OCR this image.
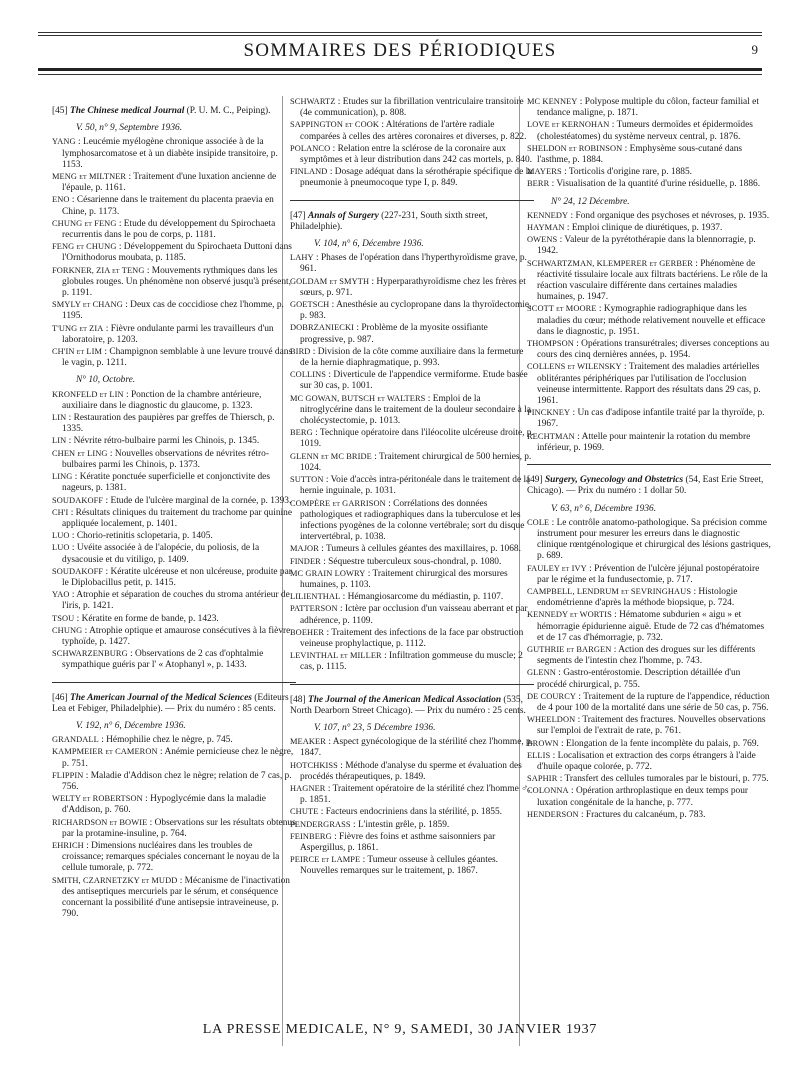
SOMMAIRES DES PÉRIODIQUES	9

[45] The Chinese medical Journal (P. U. M. C., Peiping).

V. 50, n° 9, Septembre 1936.

YANG : Leucémie myélogène chronique associée à de la lymphosarcomatose et à un diabète insipide transitoire, p. 1153.

MENG et MILTNER : Traitement d'une luxation ancienne de l'épaule, p. 1161.

ENO : Césarienne dans le traitement du placenta praevia en Chine, p. 1173.

CHUNG et FENG : Etude du développement du Spirochaeta recurrentis dans le pou de corps, p. 1181.

FENG et CHUNG : Développement du Spirochaeta Duttoni dans l'Ornithodorus moubata, p. 1185.

FORKNER, ZIA et TENG : Mouvements rythmiques dans les globules rouges. Un phénomène non observé jusqu'à présent, p. 1191.

SMYLY et CHANG : Deux cas de coccidiose chez l'homme, p. 1195.

T'UNG et ZIA : Fièvre ondulante parmi les travailleurs d'un laboratoire, p. 1203.

CH'IN et LIM : Champignon semblable à une levure trouvé dans le vagin, p. 1211.

N° 10, Octobre.

KRONFELD et LIN : Ponction de la chambre antérieure, auxiliaire dans le diagnostic du glaucome, p. 1323.

LIN : Restauration des paupières par greffes de Thiersch, p. 1335.

LIN : Névrite rétro-bulbaire parmi les Chinois, p. 1345.

CHEN et LING : Nouvelles observations de névrites rétro-bulbaires parmi les Chinois, p. 1373.

LING : Kératite ponctuée superficielle et conjonctivite des nageurs, p. 1381.

SOUDAKOFF : Etude de l'ulcère marginal de la cornée, p. 1393.

CH'I : Résultats cliniques du traitement du trachome par quinine appliquée localement, p. 1401.

LUO : Chorio-retinitis sclopetaria, p. 1405.

LUO : Uvéite associée à de l'alopécie, du poliosis, de la dysacousie et du vitiligo, p. 1409.

SOUDAKOFF : Kératite ulcéreuse et non ulcéreuse, produite par le Diplobacillus petit, p. 1415.

YAO : Atrophie et séparation de couches du stroma antérieur de l'iris, p. 1421.

TSOU : Kératite en forme de bande, p. 1423.

CHUNG : Atrophie optique et amaurose consécutives à la fièvre typhoïde, p. 1427.

SCHWARZENBURG : Observations de 2 cas d'ophtalmie sympathique guéris par l' « Atophanyl », p. 1433.

[46] The American Journal of the Medical Sciences (Editeurs Lea et Febiger, Philadelphie). — Prix du numéro : 85 cents.

V. 192, n° 6, Décembre 1936.

GRANDALL : Hémophilie chez le nègre, p. 745.

KAMPMEIER et CAMERON : Anémie pernicieuse chez le nègre, p. 751.

FLIPPIN : Maladie d'Addison chez le nègre; relation de 7 cas, p. 756.

WELTY et ROBERTSON : Hypoglycémie dans la maladie d'Addison, p. 760.

RICHARDSON et BOWIE : Observations sur les résultats obtenus par la protamine-insuline, p. 764.

EHRICH : Dimensions nucléaires dans les troubles de croissance; remarques spéciales concernant le noyau de la cellule tumorale, p. 772.

SMITH, CZARNETZKY et MUDD : Mécanisme de l'inactivation des antiseptiques mercuriels par le sérum, et conséquence concernant la possibilité d'une antisepsie intraveineuse, p. 790.

SCHWARTZ : Etudes sur la fibrillation ventriculaire transitoire (4e communication), p. 808.

SAPPINGTON et COOK : Altérations de l'artère radiale comparées à celles des artères coronaires et diverses, p. 822.

POLANCO : Relation entre la sclérose de la coronaire aux symptômes et à leur distribution dans 242 cas mortels, p. 840.

FINLAND : Dosage adéquat dans la sérothérapie spécifique de la pneumonie à pneumocoque type I, p. 849.

[47] Annals of Surgery (227-231, South sixth street, Philadelphie).

V. 104, n° 6, Décembre 1936.

LAHY : Phases de l'opération dans l'hyperthyroïdisme grave, p. 961.

GOLDAM et SMYTH : Hyperparathyroïdisme chez les frères et sœurs, p. 971.

GOETSCH : Anesthésie au cyclopropane dans la thyroïdectomie, p. 983.

DOBRZANIECKI : Problème de la myosite ossifiante progressive, p. 987.

BIRD : Division de la côte comme auxiliaire dans la fermeture de la hernie diaphragmatique, p. 993.

COLLINS : Diverticule de l'appendice vermiforme. Etude basée sur 30 cas, p. 1001.

MC GOWAN, BUTSCH et WALTERS : Emploi de la nitroglycérine dans le traitement de la douleur secondaire à la cholécystectomie, p. 1013.

BERG : Technique opératoire dans l'iléocolite ulcéreuse droite, p. 1019.

GLENN et MC BRIDE : Traitement chirurgical de 500 hernies, p. 1024.

SUTTON : Voie d'accès intra-péritonéale dans le traitement de la hernie inguinale, p. 1031.

COMPÈRE et GARRISON : Corrélations des données pathologiques et radiographiques dans la tuberculose et les infections pyogènes de la colonne vertébrale; sort du disque intervertébral, p. 1038.

MAJOR : Tumeurs à cellules géantes des maxillaires, p. 1068.

FINDER : Séquestre tuberculeux sous-chondral, p. 1080.

MC GRAIN LOWRY : Traitement chirurgical des morsures humaines, p. 1103.

LILIENTHAL : Hémangiosarcome du médiastin, p. 1107.

PATTERSON : Ictère par occlusion d'un vaisseau aberrant et par adhérence, p. 1109.

BOEHER : Traitement des infections de la face par obstruction veineuse prophylactique, p. 1112.

LEVINTHAL et MILLER : Infiltration gommeuse du muscle; 2 cas, p. 1115.

[48] The Journal of the American Medical Association (535, North Dearborn Street Chicago). — Prix du numéro : 25 cents.

V. 107, n° 23, 5 Décembre 1936.

MEAKER : Aspect gynécologique de la stérilité chez l'homme, p. 1847.

HOTCHKISS : Méthode d'analyse du sperme et évaluation des procédés thérapeutiques, p. 1849.

HAGNER : Traitement opératoire de la stérilité chez l'homme ♂, p. 1851.

CHUTE : Facteurs endocriniens dans la stérilité, p. 1855.

PENDERGRASS : L'intestin grêle, p. 1859.

FEINBERG : Fièvre des foins et asthme saisonniers par Aspergillus, p. 1861.

PEIRCE et LAMPE : Tumeur osseuse à cellules géantes. Nouvelles remarques sur le traitement, p. 1867.

MC KENNEY : Polypose multiple du côlon, facteur familial et tendance maligne, p. 1871.

LOVE et KERNOHAN : Tumeurs dermoïdes et épidermoïdes (cholestéatomes) du système nerveux central, p. 1876.

SHELDON et ROBINSON : Emphysème sous-cutané dans l'asthme, p. 1884.

MAYERS : Torticolis d'origine rare, p. 1885.

BERR : Visualisation de la quantité d'urine résiduelle, p. 1886.

N° 24, 12 Décembre.

KENNEDY : Fond organique des psychoses et névroses, p. 1935.

HAYMAN : Emploi clinique de diurétiques, p. 1937.

OWENS : Valeur de la pyrétothérapie dans la blennorragie, p. 1942.

SCHWARTZMAN, KLEMPERER et GERBER : Phénomène de réactivité tissulaire locale aux filtrats bactériens. Le rôle de la réaction vasculaire différente dans certaines maladies humaines, p. 1947.

SCOTT et MOORE : Kymographie radiographique dans les maladies du cœur; méthode relativement nouvelle et efficace dans le diagnostic, p. 1951.

THOMPSON : Opérations transurétrales; diverses conceptions au cours des cinq dernières années, p. 1954.

COLLENS et WILENSKY : Traitement des maladies artérielles oblitérantes périphériques par l'utilisation de l'occlusion veineuse intermittente. Rapport des résultats dans 29 cas, p. 1961.

PINCKNEY : Un cas d'adipose infantile traité par la thyroïde, p. 1967.

RECHTMAN : Attelle pour maintenir la rotation du membre inférieur, p. 1969.

[49] Surgery, Gynecology and Obstetrics (54, East Erie Street, Chicago). — Prix du numéro : 1 dollar 50.

V. 63, n° 6, Décembre 1936.

COLE : Le contrôle anatomo-pathologique. Sa précision comme instrument pour mesurer les erreurs dans le diagnostic clinique rœntgénologique et chirurgical des lésions gastriques, p. 689.

FAULEY et IVY : Prévention de l'ulcère jéjunal postopératoire par le régime et la fundusectomie, p. 717.

CAMPBELL, LENDRUM et SEVRINGHAUS : Histologie endométrienne d'après la méthode biopsique, p. 724.

KENNEDY et WORTIS : Hématome subdurien « aigu » et hémorragie épidurienne aiguë. Etude de 72 cas d'hématomes et de 17 cas d'hémorragie, p. 732.

GUTHRIE et BARGEN : Action des drogues sur les différents segments de l'intestin chez l'homme, p. 743.

GLENN : Gastro-entérostomie. Description détaillée d'un procédé chirurgical, p. 755.

DE COURCY : Traitement de la rupture de l'appendice, réduction de 4 pour 100 de la mortalité dans une série de 50 cas, p. 756.

WHEELDON : Traitement des fractures. Nouvelles observations sur l'emploi de l'extrait de rate, p. 761.

BROWN : Elongation de la fente incomplète du palais, p. 769.

ELLIS : Localisation et extraction des corps étrangers à l'aide d'huile opaque colorée, p. 772.

SAPHIR : Transfert des cellules tumorales par le bistouri, p. 775.

COLONNA : Opération arthroplastique en deux temps pour luxation congénitale de la hanche, p. 777.

HENDERSON : Fractures du calcanéum, p. 783.

LA PRESSE MEDICALE, N° 9, SAMEDI, 30 JANVIER 1937
